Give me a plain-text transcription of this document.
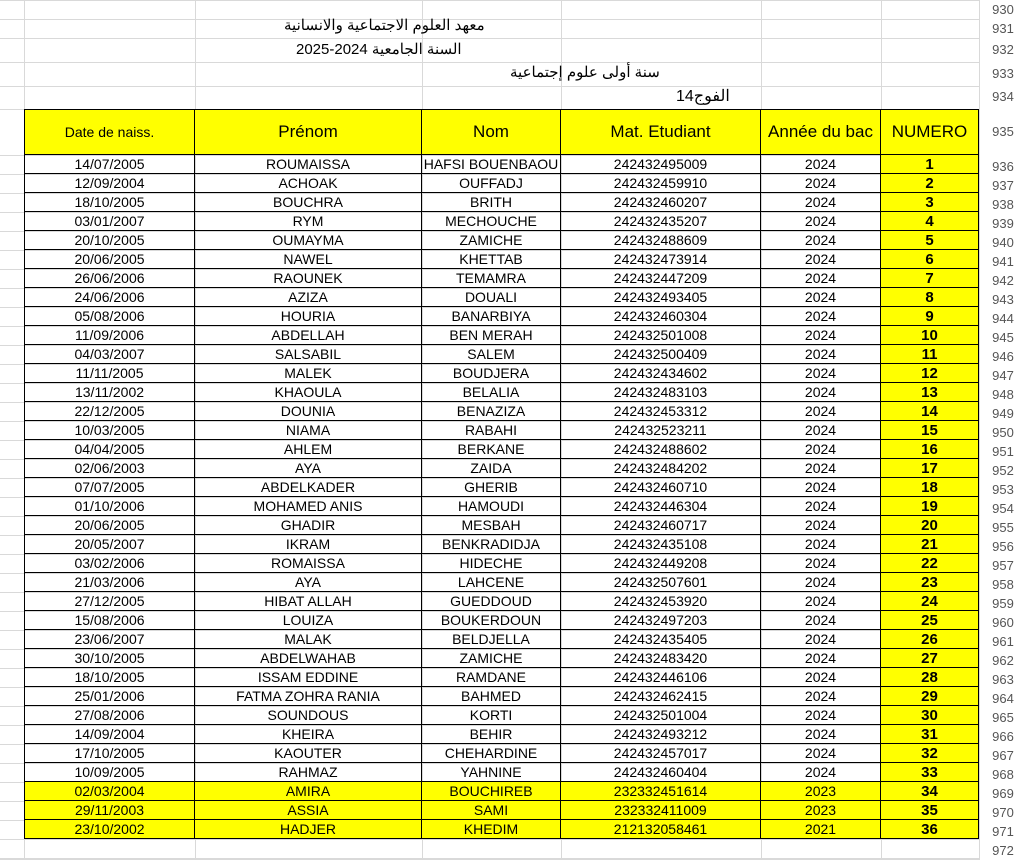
930
931
932
933
934
935
936
937
938
939
940
941
942
943
944
945
946
947
948
949
950
951
952
953
954
955
956
957
958
959
960
961
962
963
964
965
966
967
968
969
970
971
972
معهد العلوم الاجتماعية والانسانية
السنة الجامعية 2024-2025
سنة أولى علوم إجتماعية
الفوج14
Date de naiss.	Prénom	Nom	Mat. Etudiant	Année du bac	NUMERO
14/07/2005	ROUMAISSA	HAFSI BOUENBAOU	242432495009	2024	1
12/09/2004	ACHOAK	OUFFADJ	242432459910	2024	2
18/10/2005	BOUCHRA	BRITH	242432460207	2024	3
03/01/2007	RYM	MECHOUCHE	242432435207	2024	4
20/10/2005	OUMAYMA	ZAMICHE	242432488609	2024	5
20/06/2005	NAWEL	KHETTAB	242432473914	2024	6
26/06/2006	RAOUNEK	TEMAMRA	242432447209	2024	7
24/06/2006	AZIZA	DOUALI	242432493405	2024	8
05/08/2006	HOURIA	BANARBIYA	242432460304	2024	9
11/09/2006	ABDELLAH	BEN MERAH	242432501008	2024	10
04/03/2007	SALSABIL	SALEM	242432500409	2024	11
11/11/2005	MALEK	BOUDJERA	242432434602	2024	12
13/11/2002	KHAOULA	BELALIA	242432483103	2024	13
22/12/2005	DOUNIA	BENAZIZA	242432453312	2024	14
10/03/2005	NIAMA	RABAHI	242432523211	2024	15
04/04/2005	AHLEM	BERKANE	242432488602	2024	16
02/06/2003	AYA	ZAIDA	242432484202	2024	17
07/07/2005	ABDELKADER	GHERIB	242432460710	2024	18
01/10/2006	MOHAMED ANIS	HAMOUDI	242432446304	2024	19
20/06/2005	GHADIR	MESBAH	242432460717	2024	20
20/05/2007	IKRAM	BENKRADIDJA	242432435108	2024	21
03/02/2006	ROMAISSA	HIDECHE	242432449208	2024	22
21/03/2006	AYA	LAHCENE	242432507601	2024	23
27/12/2005	HIBAT ALLAH	GUEDDOUD	242432453920	2024	24
15/08/2006	LOUIZA	BOUKERDOUN	242432497203	2024	25
23/06/2007	MALAK	BELDJELLA	242432435405	2024	26
30/10/2005	ABDELWAHAB	ZAMICHE	242432483420	2024	27
18/10/2005	ISSAM EDDINE	RAMDANE	242432446106	2024	28
25/01/2006	FATMA ZOHRA RANIA	BAHMED	242432462415	2024	29
27/08/2006	SOUNDOUS	KORTI	242432501004	2024	30
14/09/2004	KHEIRA	BEHIR	242432493212	2024	31
17/10/2005	KAOUTER	CHEHARDINE	242432457017	2024	32
10/09/2005	RAHMAZ	YAHNINE	242432460404	2024	33
02/03/2004	AMIRA	BOUCHIREB	232332451614	2023	34
29/11/2003	ASSIA	SAMI	232332411009	2023	35
23/10/2002	HADJER	KHEDIM	212132058461	2021	36
